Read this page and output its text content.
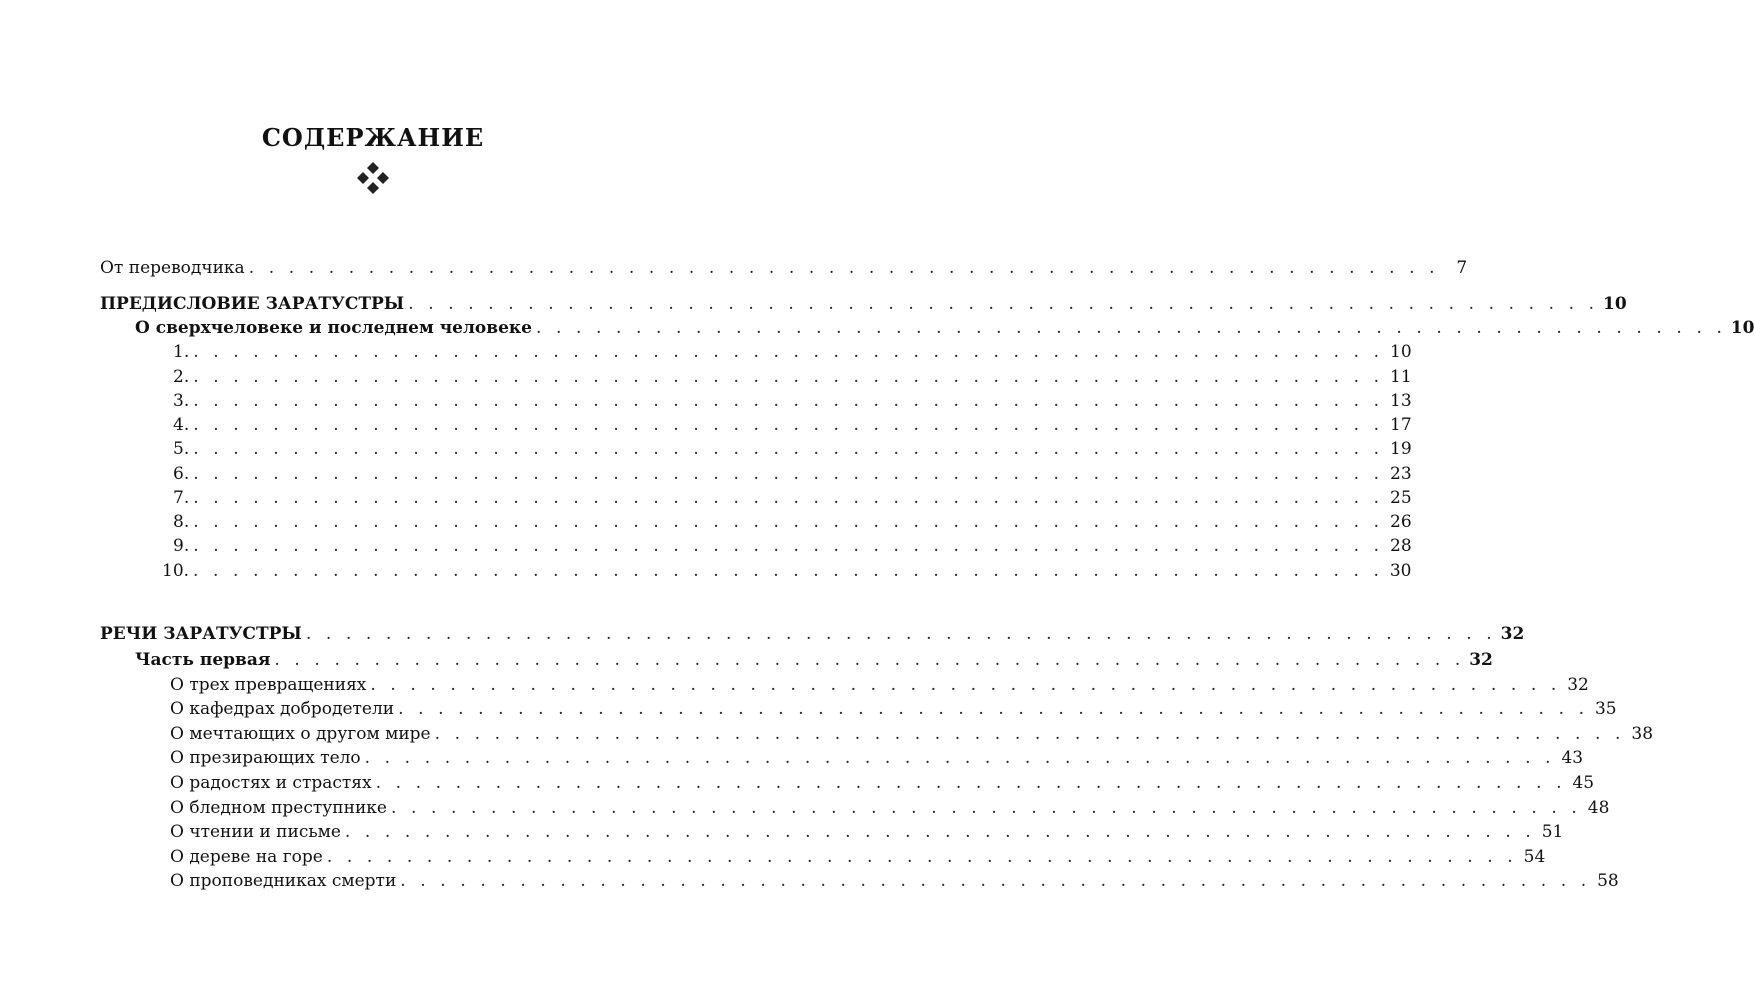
СОДЕРЖАНИЕ
От переводчика . . . . . . . . . . . . . . . . . . . . . . . . . . . . . . . . . . . . . . . . . . . . . . . . . . . . . . . . . . . .	7
ПРЕДИСЛОВИЕ ЗАРАТУСТРЫ . . . . . . . . . . . . . . . . . . . . . . . . . . . . . . . . . . . . . . . . . . . . . . . . . . . . . . . . . . . . 10
О сверхчеловеке и последнем человеке . . . . . . . . . . . . . . . . . . . . . . . . . . . . . . . . . . . . . . . . . . . . . . . . . . . . . . . . . . . . 10
1. . . . . . . . . . . . . . . . . . . . . . . . . . . . . . . . . . . . . . . . . . . . . . . . . . . . . . . . . . . . . 10
2. . . . . . . . . . . . . . . . . . . . . . . . . . . . . . . . . . . . . . . . . . . . . . . . . . . . . . . . . . . . . 11
3. . . . . . . . . . . . . . . . . . . . . . . . . . . . . . . . . . . . . . . . . . . . . . . . . . . . . . . . . . . . . 13
4. . . . . . . . . . . . . . . . . . . . . . . . . . . . . . . . . . . . . . . . . . . . . . . . . . . . . . . . . . . . . 17
5. . . . . . . . . . . . . . . . . . . . . . . . . . . . . . . . . . . . . . . . . . . . . . . . . . . . . . . . . . . . . 19
6. . . . . . . . . . . . . . . . . . . . . . . . . . . . . . . . . . . . . . . . . . . . . . . . . . . . . . . . . . . . . 23
7. . . . . . . . . . . . . . . . . . . . . . . . . . . . . . . . . . . . . . . . . . . . . . . . . . . . . . . . . . . . . 25
8. . . . . . . . . . . . . . . . . . . . . . . . . . . . . . . . . . . . . . . . . . . . . . . . . . . . . . . . . . . . . 26
9. . . . . . . . . . . . . . . . . . . . . . . . . . . . . . . . . . . . . . . . . . . . . . . . . . . . . . . . . . . . . 28
10. . . . . . . . . . . . . . . . . . . . . . . . . . . . . . . . . . . . . . . . . . . . . . . . . . . . . . . . . . . . . 30
РЕЧИ ЗАРАТУСТРЫ . . . . . . . . . . . . . . . . . . . . . . . . . . . . . . . . . . . . . . . . . . . . . . . . . . . . . . . . . . . . 32
Часть первая . . . . . . . . . . . . . . . . . . . . . . . . . . . . . . . . . . . . . . . . . . . . . . . . . . . . . . . . . . . . 32
О трех превращениях . . . . . . . . . . . . . . . . . . . . . . . . . . . . . . . . . . . . . . . . . . . . . . . . . . . . . . . . . . . . 32
О кафедрах добродетели . . . . . . . . . . . . . . . . . . . . . . . . . . . . . . . . . . . . . . . . . . . . . . . . . . . . . . . . . . . . 35
О мечтающих о другом мире . . . . . . . . . . . . . . . . . . . . . . . . . . . . . . . . . . . . . . . . . . . . . . . . . . . . . . . . . . . . 38
О презирающих тело . . . . . . . . . . . . . . . . . . . . . . . . . . . . . . . . . . . . . . . . . . . . . . . . . . . . . . . . . . . . 43
О радостях и страстях . . . . . . . . . . . . . . . . . . . . . . . . . . . . . . . . . . . . . . . . . . . . . . . . . . . . . . . . . . . . 45
О бледном преступнике . . . . . . . . . . . . . . . . . . . . . . . . . . . . . . . . . . . . . . . . . . . . . . . . . . . . . . . . . . . . 48
О чтении и письме . . . . . . . . . . . . . . . . . . . . . . . . . . . . . . . . . . . . . . . . . . . . . . . . . . . . . . . . . . . . 51
О дереве на горе . . . . . . . . . . . . . . . . . . . . . . . . . . . . . . . . . . . . . . . . . . . . . . . . . . . . . . . . . . . . 54
О проповедниках смерти . . . . . . . . . . . . . . . . . . . . . . . . . . . . . . . . . . . . . . . . . . . . . . . . . . . . . . . . . . . . 58
